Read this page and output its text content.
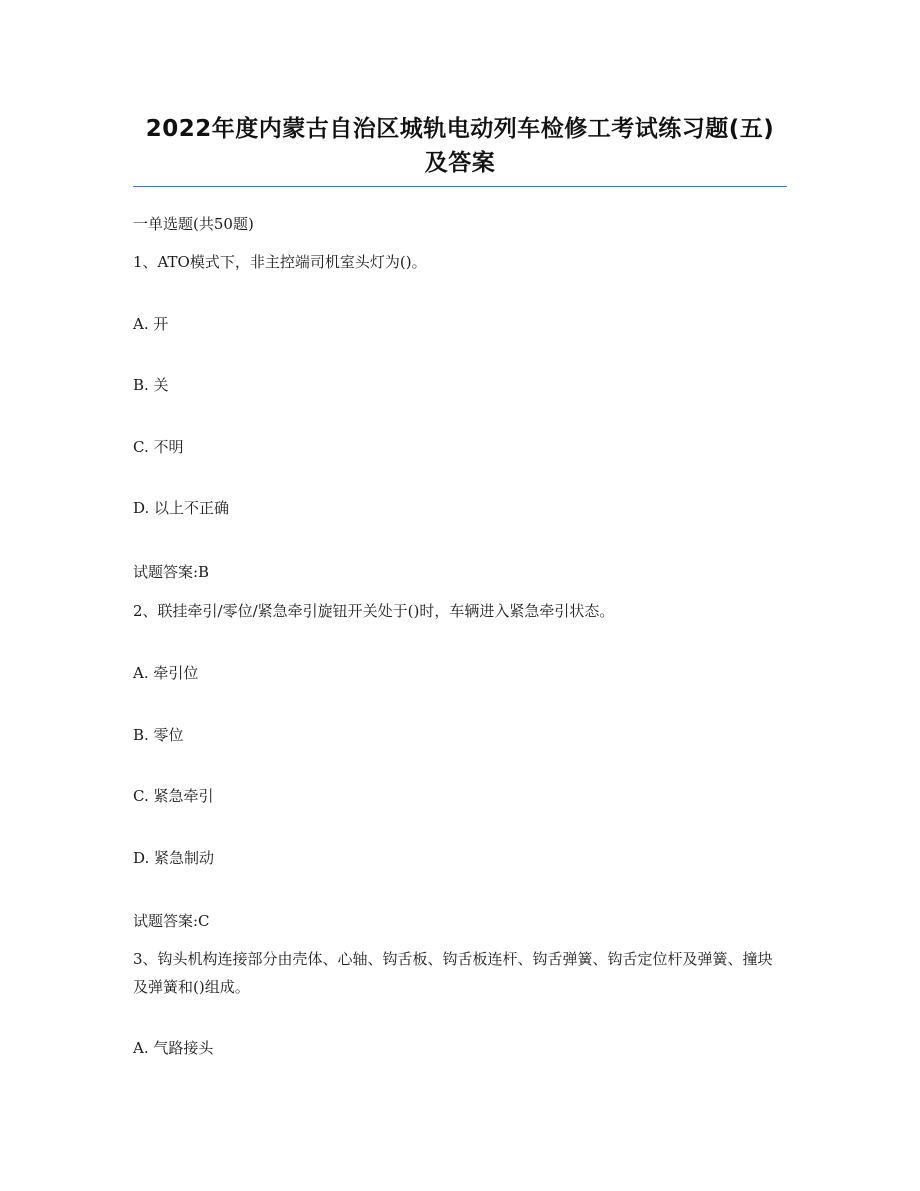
2022年度内蒙古自治区城轨电动列车检修工考试练习题(五)
及答案
一单选题(共50题)
1、ATO模式下，非主控端司机室头灯为()。
A. 开
B. 关
C. 不明
D. 以上不正确
试题答案:B
2、联挂牵引/零位/紧急牵引旋钮开关处于()时，车辆进入紧急牵引状态。
A. 牵引位
B. 零位
C. 紧急牵引
D. 紧急制动
试题答案:C
3、钩头机构连接部分由壳体、心轴、钩舌板、钩舌板连杆、钩舌弹簧、钩舌定位杆及弹簧、撞块及弹簧和()组成。
A. 气路接头
